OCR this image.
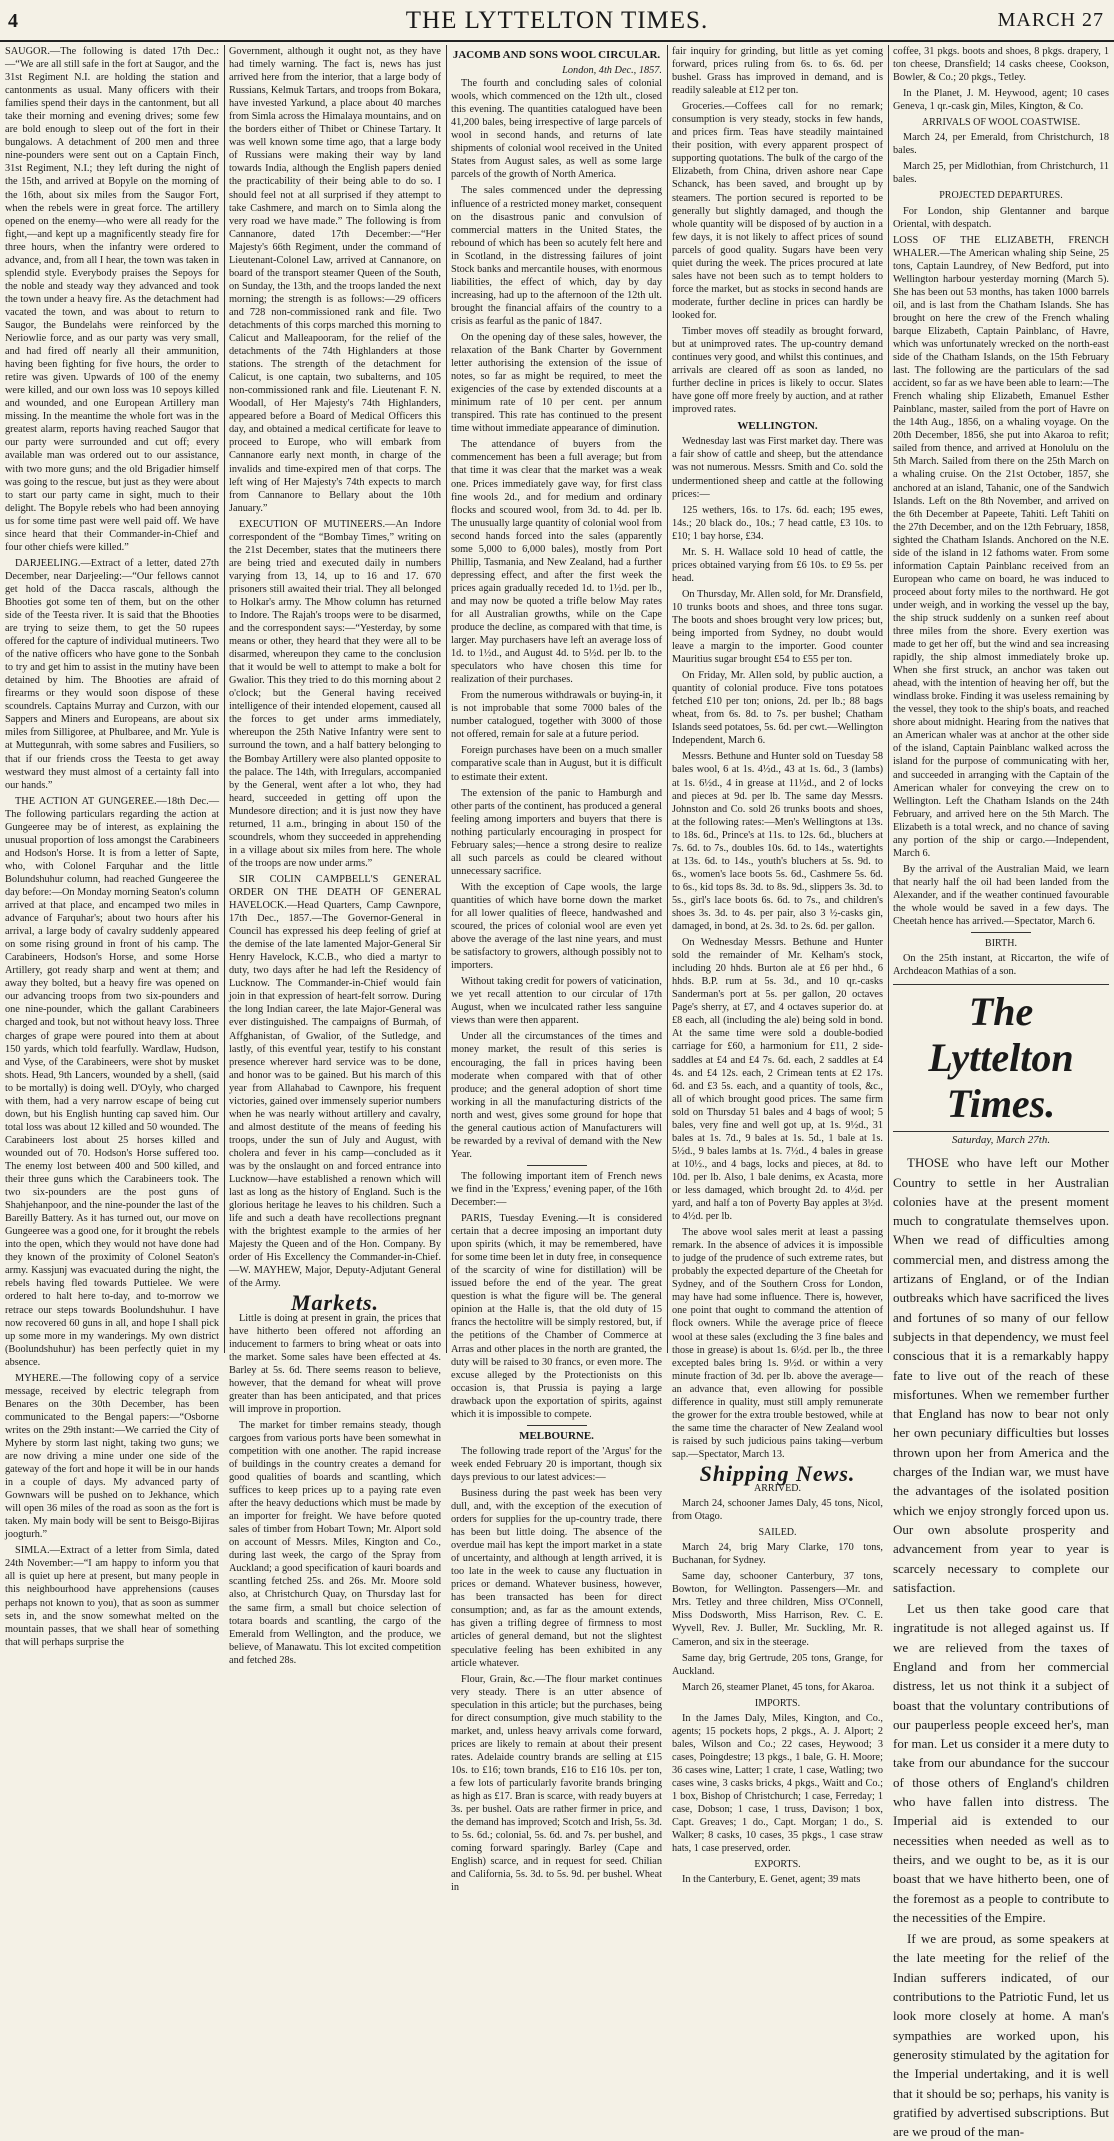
4	THE LYTTELTON TIMES.	MARCH 27

SAUGOR.—The following is dated 17th Dec.:—“We are all still safe in the fort at Saugor, and the 31st Regiment N.I. are holding the station and cantonments as usual. Many officers with their families spend their days in the cantonment, but all take their morning and evening drives; some few are bold enough to sleep out of the fort in their bungalows. A detachment of 200 men and three nine-pounders were sent out on a Captain Finch, 31st Regiment, N.I.; they left during the night of the 15th, and arrived at Bopyle on the morning of the 16th, about six miles from the Saugor Fort, when the rebels were in great force. The artillery opened on the enemy—who were all ready for the fight,—and kept up a magnificently steady fire for three hours, when the infantry were ordered to advance, and, from all I hear, the town was taken in splendid style. Everybody praises the Sepoys for the noble and steady way they advanced and took the town under a heavy fire. As the detachment had vacated the town, and was about to return to Saugor, the Bundelahs were reinforced by the Neriowlie force, and as our party was very small, and had fired off nearly all their ammunition, having been fighting for five hours, the order to retire was given. Upwards of 100 of the enemy were killed, and our own loss was 10 sepoys killed and wounded, and one European Artillery man missing. In the meantime the whole fort was in the greatest alarm, reports having reached Saugor that our party were surrounded and cut off; every available man was ordered out to our assistance, with two more guns; and the old Brigadier himself was going to the rescue, but just as they were about to start our party came in sight, much to their delight. The Bopyle rebels who had been annoying us for some time past were well paid off. We have since heard that their Commander-in-Chief and four other chiefs were killed.”

DARJEELING.—Extract of a letter, dated 27th December, near Darjeeling:—“Our fellows cannot get hold of the Dacca rascals, although the Bhooties got some ten of them, but on the other side of the Teesta river. It is said that the Bhooties are trying to seize them, to get the 50 rupees offered for the capture of individual mutineers. Two of the native officers who have gone to the Sonbah to try and get him to assist in the mutiny have been detained by him. The Bhooties are afraid of firearms or they would soon dispose of these scoundrels. Captains Murray and Curzon, with our Sappers and Miners and Europeans, are about six miles from Silligoree, at Phulbaree, and Mr. Yule is at Muttegunrah, with some sabres and Fusiliers, so that if our friends cross the Teesta to get away westward they must almost of a certainty fall into our hands.”

THE ACTION AT GUNGEREE.—18th Dec.—The following particulars regarding the action at Gungeeree may be of interest, as explaining the unusual proportion of loss amongst the Carabineers and Hodson's Horse. It is from a letter of Sapte, who, with Colonel Farquhar and the little Bolundshuhur column, had reached Gungeeree the day before:—On Monday morning Seaton's column arrived at that place, and encamped two miles in advance of Farquhar's; about two hours after his arrival, a large body of cavalry suddenly appeared on some rising ground in front of his camp. The Carabineers, Hodson's Horse, and some Horse Artillery, got ready sharp and went at them; and away they bolted, but a heavy fire was opened on our advancing troops from two six-pounders and one nine-pounder, which the gallant Carabineers charged and took, but not without heavy loss. Three charges of grape were poured into them at about 150 yards, which told fearfully. Wardlaw, Hudson, and Vyse, of the Carabineers, were shot by musket shots. Head, 9th Lancers, wounded by a shell, (said to be mortally) is doing well. D'Oyly, who charged with them, had a very narrow escape of being cut down, but his English hunting cap saved him. Our total loss was about 12 killed and 50 wounded. The Carabineers lost about 25 horses killed and wounded out of 70. Hodson's Horse suffered too. The enemy lost between 400 and 500 killed, and their three guns which the Carabineers took. The two six-pounders are the post guns of Shahjehanpoor, and the nine-pounder the last of the Bareilly Battery. As it has turned out, our move on Gungeeree was a good one, for it brought the rebels into the open, which they would not have done had they known of the proximity of Colonel Seaton's army. Kassjunj was evacuated during the night, the rebels having fled towards Puttielee. We were ordered to halt here to-day, and to-morrow we retrace our steps towards Boolundshuhur. I have now recovered 60 guns in all, and hope I shall pick up some more in my wanderings. My own district (Boolundshuhur) has been perfectly quiet in my absence.

MYHERE.—The following copy of a service message, received by electric telegraph from Benares on the 30th December, has been communicated to the Bengal papers:—“Osborne writes on the 29th instant:—We carried the City of Myhere by storm last night, taking two guns; we are now driving a mine under one side of the gateway of the fort and hope it will be in our hands in a couple of days. My advanced party of Gownwars will be pushed on to Jekhance, which will open 36 miles of the road as soon as the fort is taken. My main body will be sent to Beisgo-Bijiras joogturh.”

SIMLA.—Extract of a letter from Simla, dated 24th November:—“I am happy to inform you that all is quiet up here at present, but many people in this neighbourhood have apprehensions (causes perhaps not known to you), that as soon as summer sets in, and the snow somewhat melted on the mountain passes, that we shall hear of something that will perhaps surprise the

Government, although it ought not, as they have had timely warning. The fact is, news has just arrived here from the interior, that a large body of Russians, Kelmuk Tartars, and troops from Bokara, have invested Yarkund, a place about 40 marches from Simla across the Himalaya mountains, and on the borders either of Thibet or Chinese Tartary. It was well known some time ago, that a large body of Russians were making their way by land towards India, although the English papers denied the practicability of their being able to do so. I should feel not at all surprised if they attempt to take Cashmere, and march on to Simla along the very road we have made.” The following is from Cannanore, dated 17th December:—“Her Majesty's 66th Regiment, under the command of Lieutenant-Colonel Law, arrived at Cannanore, on board of the transport steamer Queen of the South, on Sunday, the 13th, and the troops landed the next morning; the strength is as follows:—29 officers and 728 non-commissioned rank and file. Two detachments of this corps marched this morning to Calicut and Malleapooram, for the relief of the detachments of the 74th Highlanders at those stations. The strength of the detachment for Calicut, is one captain, two subalterns, and 105 non-commissioned rank and file. Lieutenant F. N. Woodall, of Her Majesty's 74th Highlanders, appeared before a Board of Medical Officers this day, and obtained a medical certificate for leave to proceed to Europe, who will embark from Cannanore early next month, in charge of the invalids and time-expired men of that corps. The left wing of Her Majesty's 74th expects to march from Cannanore to Bellary about the 10th January.”

EXECUTION OF MUTINEERS.—An Indore correspondent of the “Bombay Times,” writing on the 21st December, states that the mutineers there are being tried and executed daily in numbers varying from 13, 14, up to 16 and 17. 670 prisoners still awaited their trial. They all belonged to Holkar's army. The Mhow column has returned to Indore. The Rajah's troops were to be disarmed, and the correspondent says:—“Yesterday, by some means or other, they heard that they were all to be disarmed, whereupon they came to the conclusion that it would be well to attempt to make a bolt for Gwalior. This they tried to do this morning about 2 o'clock; but the General having received intelligence of their intended elopement, caused all the forces to get under arms immediately, whereupon the 25th Native Infantry were sent to surround the town, and a half battery belonging to the Bombay Artillery were also planted opposite to the palace. The 14th, with Irregulars, accompanied by the General, went after a lot who, they had heard, succeeded in getting off upon the Mundesore direction; and it is just now they have returned, 11 a.m., bringing in about 150 of the scoundrels, whom they succeeded in apprehending in a village about six miles from here. The whole of the troops are now under arms.”

SIR COLIN CAMPBELL'S GENERAL ORDER ON THE DEATH OF GENERAL HAVELOCK.—Head Quarters, Camp Cawnpore, 17th Dec., 1857.—The Governor-General in Council has expressed his deep feeling of grief at the demise of the late lamented Major-General Sir Henry Havelock, K.C.B., who died a martyr to duty, two days after he had left the Residency of Lucknow. The Commander-in-Chief would fain join in that expression of heart-felt sorrow. During the long Indian career, the late Major-General was ever distinguished. The campaigns of Burmah, of Affghanistan, of Gwalior, of the Sutledge, and lastly, of this eventful year, testify to his constant presence wherever hard service was to be done, and honor was to be gained. But his march of this year from Allahabad to Cawnpore, his frequent victories, gained over immensely superior numbers when he was nearly without artillery and cavalry, and almost destitute of the means of feeding his troops, under the sun of July and August, with cholera and fever in his camp—concluded as it was by the onslaught on and forced entrance into Lucknow—have established a renown which will last as long as the history of England. Such is the glorious heritage he leaves to his children. Such a life and such a death have recollections pregnant with the brightest example to the armies of her Majesty the Queen and of the Hon. Company. By order of His Excellency the Commander-in-Chief.—W. MAYHEW, Major, Deputy-Adjutant General of the Army.

Markets.

Little is doing at present in grain, the prices that have hitherto been offered not affording an inducement to farmers to bring wheat or oats into the market. Some sales have been effected at 4s. Barley at 5s. 6d. There seems reason to believe, however, that the demand for wheat will prove greater than has been anticipated, and that prices will improve in proportion.

The market for timber remains steady, though cargoes from various ports have been somewhat in competition with one another. The rapid increase of buildings in the country creates a demand for good qualities of boards and scantling, which suffices to keep prices up to a paying rate even after the heavy deductions which must be made by an importer for freight. We have before quoted sales of timber from Hobart Town; Mr. Alport sold on account of Messrs. Miles, Kington and Co., during last week, the cargo of the Spray from Auckland; a good specification of kauri boards and scantling fetched 25s. and 26s. Mr. Moore sold also, at Christchurch Quay, on Thursday last for the same firm, a small but choice selection of totara boards and scantling, the cargo of the Emerald from Wellington, and the produce, we believe, of Manawatu. This lot excited competition and fetched 28s.

JACOMB AND SONS WOOL CIRCULAR.
London, 4th Dec., 1857.

The fourth and concluding sales of colonial wools, which commenced on the 12th ult., closed this evening. The quantities catalogued have been 41,200 bales, being irrespective of large parcels of wool in second hands, and returns of late shipments of colonial wool received in the United States from August sales, as well as some large parcels of the growth of North America.

The sales commenced under the depressing influence of a restricted money market, consequent on the disastrous panic and convulsion of commercial matters in the United States, the rebound of which has been so acutely felt here and in Scotland, in the distressing failures of joint Stock banks and mercantile houses, with enormous liabilities, the effect of which, day by day increasing, had up to the afternoon of the 12th ult. brought the financial affairs of the country to a crisis as fearful as the panic of 1847.

On the opening day of these sales, however, the relaxation of the Bank Charter by Government letter authorising the extension of the issue of notes, so far as might be required, to meet the exigencies of the case by extended discounts at a minimum rate of 10 per cent. per annum transpired. This rate has continued to the present time without immediate appearance of diminution.

The attendance of buyers from the commencement has been a full average; but from that time it was clear that the market was a weak one. Prices immediately gave way, for first class fine wools 2d., and for medium and ordinary flocks and scoured wool, from 3d. to 4d. per lb. The unusually large quantity of colonial wool from second hands forced into the sales (apparently some 5,000 to 6,000 bales), mostly from Port Phillip, Tasmania, and New Zealand, had a further depressing effect, and after the first week the prices again gradually receded 1d. to 1½d. per lb., and may now be quoted a trifle below May rates for all Australian growths, while on the Cape produce the decline, as compared with that time, is larger. May purchasers have left an average loss of 1d. to 1½d., and August 4d. to 5½d. per lb. to the speculators who have chosen this time for realization of their purchases.

From the numerous withdrawals or buying-in, it is not improbable that some 7000 bales of the number catalogued, together with 3000 of those not offered, remain for sale at a future period.

Foreign purchases have been on a much smaller comparative scale than in August, but it is difficult to estimate their extent.

The extension of the panic to Hamburgh and other parts of the continent, has produced a general feeling among importers and buyers that there is nothing particularly encouraging in prospect for February sales;—hence a strong desire to realize all such parcels as could be cleared without unnecessary sacrifice.

With the exception of Cape wools, the large quantities of which have borne down the market for all lower qualities of fleece, handwashed and scoured, the prices of colonial wool are even yet above the average of the last nine years, and must be satisfactory to growers, although possibly not to importers.

Without taking credit for powers of vaticination, we yet recall attention to our circular of 17th August, when we inculcated rather less sanguine views than were then apparent.

Under all the circumstances of the times and money market, the result of this series is encouraging, the fall in prices having been moderate when compared with that of other produce; and the general adoption of short time working in all the manufacturing districts of the north and west, gives some ground for hope that the general cautious action of Manufacturers will be rewarded by a revival of demand with the New Year.

The following important item of French news we find in the 'Express,' evening paper, of the 16th December:—

PARIS, Tuesday Evening.—It is considered certain that a decree imposing an important duty upon spirits (which, it may be remembered, have for some time been let in duty free, in consequence of the scarcity of wine for distillation) will be issued before the end of the year. The great question is what the figure will be. The general opinion at the Halle is, that the old duty of 15 francs the hectolitre will be simply restored, but, if the petitions of the Chamber of Commerce at Arras and other places in the north are granted, the duty will be raised to 30 francs, or even more. The excuse alleged by the Protectionists on this occasion is, that Prussia is paying a large drawback upon the exportation of spirits, against which it is impossible to compete.

MELBOURNE.

The following trade report of the 'Argus' for the week ended February 20 is important, though six days previous to our latest advices:—

Business during the past week has been very dull, and, with the exception of the execution of orders for supplies for the up-country trade, there has been but little doing. The absence of the overdue mail has kept the import market in a state of uncertainty, and although at length arrived, it is too late in the week to cause any fluctuation in prices or demand. Whatever business, however, has been transacted has been for direct consumption; and, as far as the amount extends, has given a trifling degree of firmness to most articles of general demand, but not the slightest speculative feeling has been exhibited in any article whatever.

Flour, Grain, &c.—The flour market continues very steady. There is an utter absence of speculation in this article; but the purchases, being for direct consumption, give much stability to the market, and, unless heavy arrivals come forward, prices are likely to remain at about their present rates. Adelaide country brands are selling at £15 10s. to £16; town brands, £16 to £16 10s. per ton, a few lots of particularly favorite brands bringing as high as £17. Bran is scarce, with ready buyers at 3s. per bushel. Oats are rather firmer in price, and the demand has improved; Scotch and Irish, 5s. 3d. to 5s. 6d.; colonial, 5s. 6d. and 7s. per bushel, and coming forward sparingly. Barley (Cape and English) scarce, and in request for seed. Chilian and California, 5s. 3d. to 5s. 9d. per bushel. Wheat in

fair inquiry for grinding, but little as yet coming forward, prices ruling from 6s. to 6s. 6d. per bushel. Grass has improved in demand, and is readily saleable at £12 per ton.

Groceries.—Coffees call for no remark; consumption is very steady, stocks in few hands, and prices firm. Teas have steadily maintained their position, with every apparent prospect of supporting quotations. The bulk of the cargo of the Elizabeth, from China, driven ashore near Cape Schanck, has been saved, and brought up by steamers. The portion secured is reported to be generally but slightly damaged, and though the whole quantity will be disposed of by auction in a few days, it is not likely to affect prices of sound parcels of good quality. Sugars have been very quiet during the week. The prices procured at late sales have not been such as to tempt holders to force the market, but as stocks in second hands are moderate, further decline in prices can hardly be looked for.

Timber moves off steadily as brought forward, but at unimproved rates. The up-country demand continues very good, and whilst this continues, and arrivals are cleared off as soon as landed, no further decline in prices is likely to occur. Slates have gone off more freely by auction, and at rather improved rates.

WELLINGTON.

Wednesday last was First market day. There was a fair show of cattle and sheep, but the attendance was not numerous. Messrs. Smith and Co. sold the undermentioned sheep and cattle at the following prices:—

125 wethers, 16s. to 17s. 6d. each; 195 ewes, 14s.; 20 black do., 10s.; 7 head cattle, £3 10s. to £10; 1 bay horse, £34.

Mr. S. H. Wallace sold 10 head of cattle, the prices obtained varying from £6 10s. to £9 5s. per head.

On Thursday, Mr. Allen sold, for Mr. Dransfield, 10 trunks boots and shoes, and three tons sugar. The boots and shoes brought very low prices; but, being imported from Sydney, no doubt would leave a margin to the importer. Good counter Mauritius sugar brought £54 to £55 per ton.

On Friday, Mr. Allen sold, by public auction, a quantity of colonial produce. Five tons potatoes fetched £10 per ton; onions, 2d. per lb.; 88 bags wheat, from 6s. 8d. to 7s. per bushel; Chatham Islands seed potatoes, 5s. 6d. per cwt.—Wellington Independent, March 6.

Messrs. Bethune and Hunter sold on Tuesday 58 bales wool, 6 at 1s. 4½d., 43 at 1s. 6d., 3 (lambs) at 1s. 6½d., 4 in grease at 11½d., and 2 of locks and pieces at 9d. per lb. The same day Messrs. Johnston and Co. sold 26 trunks boots and shoes, at the following rates:—Men's Wellingtons at 13s. to 18s. 6d., Prince's at 11s. to 12s. 6d., bluchers at 7s. 6d. to 7s., doubles 10s. 6d. to 14s., watertights at 13s. 6d. to 14s., youth's bluchers at 5s. 9d. to 6s., women's lace boots 5s. 6d., Cashmere 5s. 6d. to 6s., kid tops 8s. 3d. to 8s. 9d., slippers 3s. 3d. to 5s., girl's lace boots 6s. 6d. to 7s., and children's shoes 3s. 3d. to 4s. per pair, also 3 ½-casks gin, damaged, in bond, at 2s. 3d. to 2s. 6d. per gallon.

On Wednesday Messrs. Bethune and Hunter sold the remainder of Mr. Kelham's stock, including 20 hhds. Burton ale at £6 per hhd., 6 hhds. B.P. rum at 5s. 3d., and 10 qr.-casks Sanderman's port at 5s. per gallon, 20 octaves Page's sherry, at £7, and 4 octaves superior do. at £8 each, all (including the ale) being sold in bond. At the same time were sold a double-bodied carriage for £60, a harmonium for £11, 2 side-saddles at £4 and £4 7s. 6d. each, 2 saddles at £4 4s. and £4 12s. each, 2 Crimean tents at £2 17s. 6d. and £3 5s. each, and a quantity of tools, &c., all of which brought good prices. The same firm sold on Thursday 51 bales and 4 bags of wool; 5 bales, very fine and well got up, at 1s. 9½d., 31 bales at 1s. 7d., 9 bales at 1s. 5d., 1 bale at 1s. 5½d., 9 bales lambs at 1s. 7½d., 4 bales in grease at 10½., and 4 bags, locks and pieces, at 8d. to 10d. per lb. Also, 1 bale denims, ex Acasta, more or less damaged, which brought 2d. to 4½d. per yard, and half a ton of Poverty Bay apples at 3½d. to 4½d. per lb.

The above wool sales merit at least a passing remark. In the absence of advices it is impossible to judge of the prudence of such extreme rates, but probably the expected departure of the Cheetah for Sydney, and of the Southern Cross for London, may have had some influence. There is, however, one point that ought to command the attention of flock owners. While the average price of fleece wool at these sales (excluding the 3 fine bales and those in grease) is about 1s. 6½d. per lb., the three excepted bales bring 1s. 9½d. or within a very minute fraction of 3d. per lb. above the average—an advance that, even allowing for possible difference in quality, must still amply remunerate the grower for the extra trouble bestowed, while at the same time the character of New Zealand wool is raised by such judicious pains taking—verbum sap.—Spectator, March 13.

Shipping News.
ARRIVED.

March 24, schooner James Daly, 45 tons, Nicol, from Otago.

SAILED.

March 24, brig Mary Clarke, 170 tons, Buchanan, for Sydney.

Same day, schooner Canterbury, 37 tons, Bowton, for Wellington. Passengers—Mr. and Mrs. Tetley and three children, Miss O'Connell, Miss Dodsworth, Miss Harrison, Rev. C. E. Wyvell, Rev. J. Buller, Mr. Suckling, Mr. R. Cameron, and six in the steerage.

Same day, brig Gertrude, 205 tons, Grange, for Auckland.

March 26, steamer Planet, 45 tons, for Akaroa.

IMPORTS.

In the James Daly, Miles, Kington, and Co., agents; 15 pockets hops, 2 pkgs., A. J. Alport; 2 bales, Wilson and Co.; 22 cases, Heywood; 3 cases, Poingdestre; 13 pkgs., 1 bale, G. H. Moore; 36 cases wine, Latter; 1 crate, 1 case, Watling; two cases wine, 3 casks bricks, 4 pkgs., Waitt and Co.; 1 box, Bishop of Christchurch; 1 case, Ferreday; 1 case, Dobson; 1 case, 1 truss, Davison; 1 box, Capt. Greaves; 1 do., Capt. Morgan; 1 do., S. Walker; 8 casks, 10 cases, 35 pkgs., 1 case straw hats, 1 case preserved, order.

EXPORTS.

In the Canterbury, E. Genet, agent; 39 mats

coffee, 31 pkgs. boots and shoes, 8 pkgs. drapery, 1 ton cheese, Dransfield; 14 casks cheese, Cookson, Bowler, & Co.; 20 pkgs., Tetley.

In the Planet, J. M. Heywood, agent; 10 cases Geneva, 1 qr.-cask gin, Miles, Kington, & Co.

ARRIVALS OF WOOL COASTWISE.

March 24, per Emerald, from Christchurch, 18 bales.

March 25, per Midlothian, from Christchurch, 11 bales.

PROJECTED DEPARTURES.

For London, ship Glentanner and barque Oriental, with despatch.

LOSS OF THE ELIZABETH, FRENCH WHALER.—The American whaling ship Seine, 25 tons, Captain Laundrey, of New Bedford, put into Wellington harbour yesterday morning (March 5). She has been out 53 months, has taken 1000 barrels oil, and is last from the Chatham Islands. She has brought on here the crew of the French whaling barque Elizabeth, Captain Painblanc, of Havre, which was unfortunately wrecked on the north-east side of the Chatham Islands, on the 15th February last. The following are the particulars of the sad accident, so far as we have been able to learn:—The French whaling ship Elizabeth, Emanuel Esther Painblanc, master, sailed from the port of Havre on the 14th Aug., 1856, on a whaling voyage. On the 20th December, 1856, she put into Akaroa to refit; sailed from thence, and arrived at Honolulu on the 5th March. Sailed from there on the 25th March on a whaling cruise. On the 21st October, 1857, she anchored at an island, Tahanic, one of the Sandwich Islands. Left on the 8th November, and arrived on the 6th December at Papeete, Tahiti. Left Tahiti on the 27th December, and on the 12th February, 1858, sighted the Chatham Islands. Anchored on the N.E. side of the island in 12 fathoms water. From some information Captain Painblanc received from an European who came on board, he was induced to proceed about forty miles to the northward. He got under weigh, and in working the vessel up the bay, the ship struck suddenly on a sunken reef about three miles from the shore. Every exertion was made to get her off, but the wind and sea increasing rapidly, the ship almost immediately broke up. When she first struck, an anchor was taken out ahead, with the intention of heaving her off, but the windlass broke. Finding it was useless remaining by the vessel, they took to the ship's boats, and reached shore about midnight. Hearing from the natives that an American whaler was at anchor at the other side of the island, Captain Painblanc walked across the island for the purpose of communicating with her, and succeeded in arranging with the Captain of the American whaler for conveying the crew on to Wellington. Left the Chatham Islands on the 24th February, and arrived here on the 5th March. The Elizabeth is a total wreck, and no chance of saving any portion of the ship or cargo.—Independent, March 6.

By the arrival of the Australian Maid, we learn that nearly half the oil had been landed from the Alexander, and if the weather continued favourable the whole would be saved in a few days. The Cheetah hence has arrived.—Spectator, March 6.

BIRTH.

On the 25th instant, at Riccarton, the wife of Archdeacon Mathias of a son.

The Lyttelton Times.
Saturday, March 27th.

THOSE who have left our Mother Country to settle in her Australian colonies have at the present moment much to congratulate themselves upon. When we read of difficulties among commercial men, and distress among the artizans of England, or of the Indian outbreaks which have sacrificed the lives and fortunes of so many of our fellow subjects in that dependency, we must feel conscious that it is a remarkably happy fate to live out of the reach of these misfortunes. When we remember further that England has now to bear not only her own pecuniary difficulties but losses thrown upon her from America and the charges of the Indian war, we must have the advantages of the isolated position which we enjoy strongly forced upon us. Our own absolute prosperity and advancement from year to year is scarcely necessary to complete our satisfaction.

Let us then take good care that ingratitude is not alleged against us. If we are relieved from the taxes of England and from her commercial distress, let us not think it a subject of boast that the voluntary contributions of our pauperless people exceed her's, man for man. Let us consider it a mere duty to take from our abundance for the succour of those others of England's children who have fallen into distress. The Imperial aid is extended to our necessities when needed as well as to theirs, and we ought to be, as it is our boast that we have hitherto been, one of the foremost as a people to contribute to the necessities of the Empire.

If we are proud, as some speakers at the late meeting for the relief of the Indian sufferers indicated, of our contributions to the Patriotic Fund, let us look more closely at home. A man's sympathies are worked upon, his generosity stimulated by the agitation for the Imperial undertaking, and it is well that it should be so; perhaps, his vanity is gratified by advertised subscriptions. But are we proud of the man-
